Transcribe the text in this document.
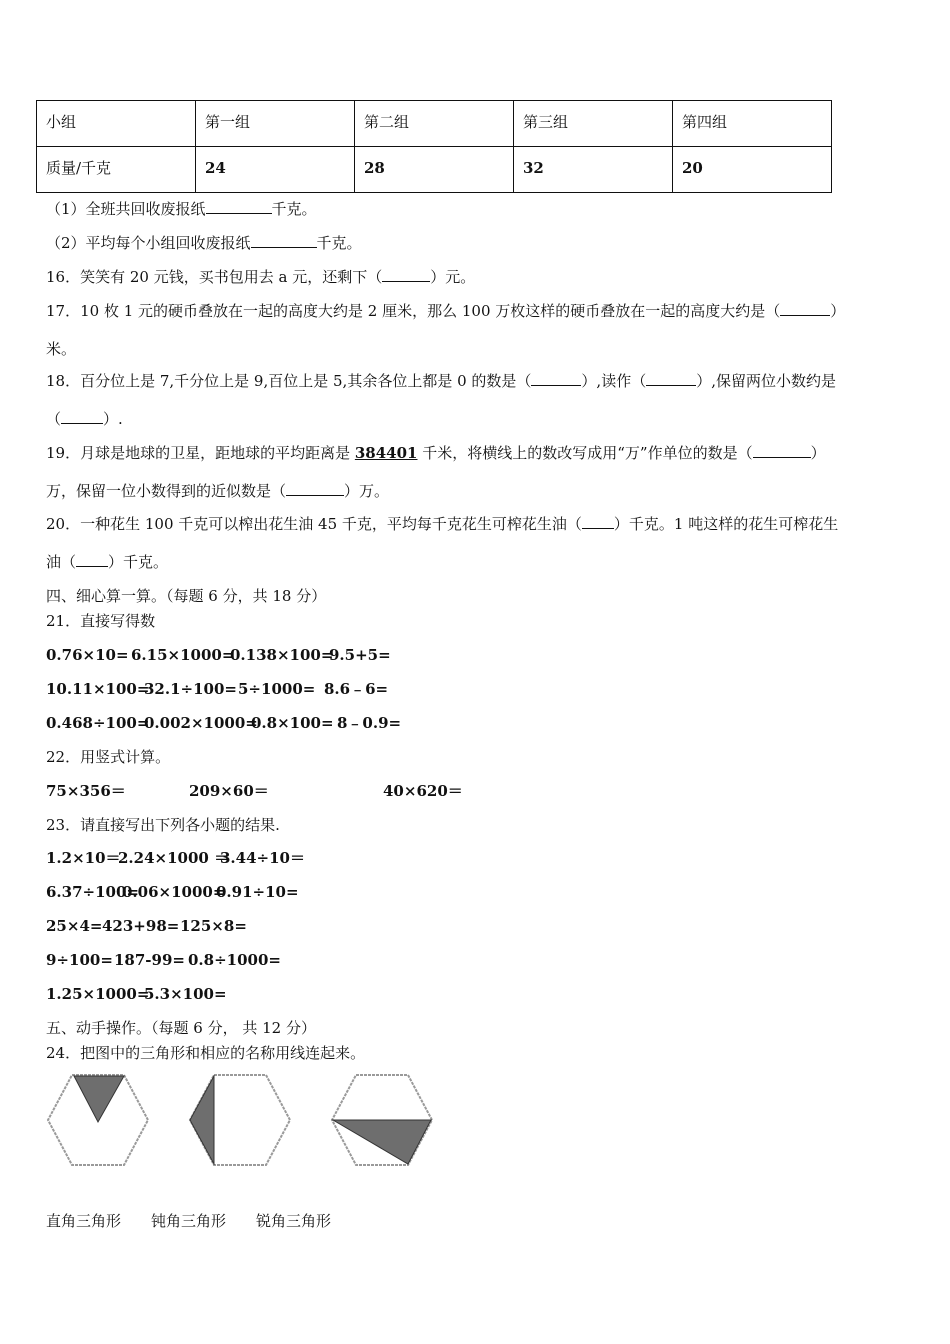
小组	第一组	第二组	第三组	第四组
质量/千克	24	28	32	20
（1）全班共回收废报纸	千克。
（2）平均每个小组回收废报纸	千克。
16．笑笑有 20 元钱，买书包用去 a 元，还剩下（	）元。
17．10 枚 1 元的硬币叠放在一起的高度大约是 2 厘米，那么 100 万枚这样的硬币叠放在一起的高度大约是（	）
米。
18．百分位上是 7,千分位上是 9,百位上是 5,其余各位上都是 0 的数是（	）,读作（	）,保留两位小数约是
（	）.
19．月球是地球的卫星，距地球的平均距离是 384401 千米，将横线上的数改写成用“万”作单位的数是（	）
万，保留一位小数得到的近似数是（	）万。
20．一种花生 100 千克可以榨出花生油 45 千克，平均每千克花生可榨花生油（ ）千克。1 吨这样的花生可榨花生
油（ ）千克。
四、细心算一算。（每题 6 分，共 18 分）
21．直接写得数
0.76×10= 6.15×1000=0.138×100=9.5+5=
10.11×100=32.1÷100=5÷1000= 8.6﹣6=
0.468÷100=0.002×1000=0.8×100= 8﹣0.9=
22．用竖式计算。
75×356＝	209×60＝	40×620＝
23．请直接写出下列各小题的结果.
1.2×10＝2.24×1000 ＝3.44÷10＝
6.37÷100=0.06×1000=0.91÷10=
25×4=423+98=125×8=
9÷100=187-99= 0.8÷1000=
1.25×1000=5.3×100=
五、动手操作。（每题 6 分， 共 12 分）
24．把图中的三角形和相应的名称用线连起来。
直角三角形 钝角三角形 锐角三角形
